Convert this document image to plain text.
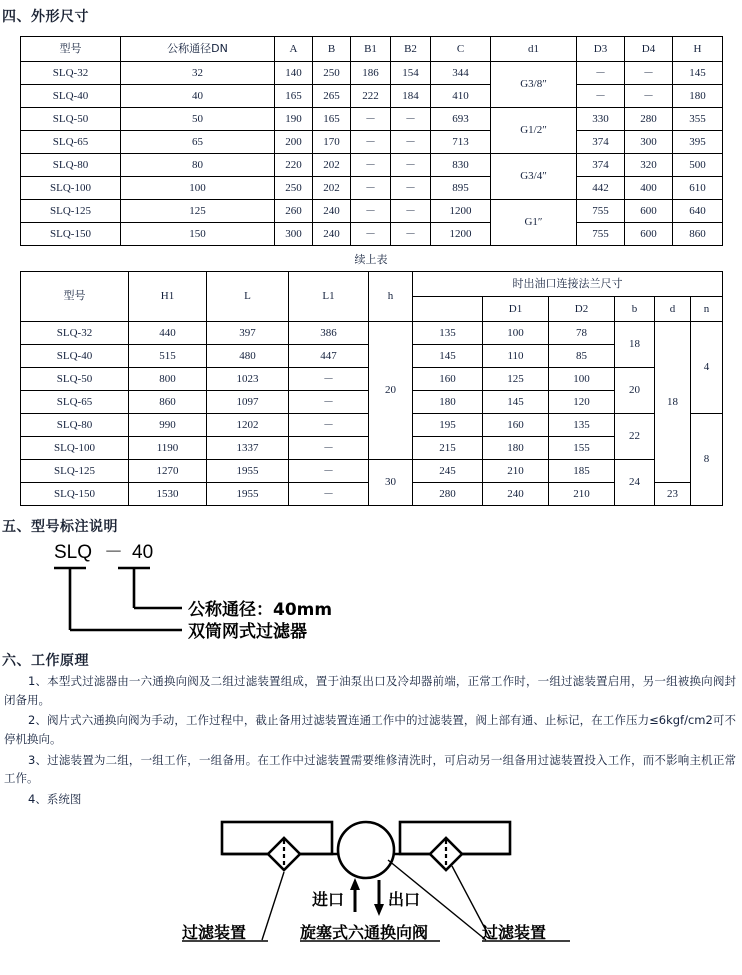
四、外形尺寸
型号	公称通径DN	A	B	B1	B2	C	d1	D3	D4	H
SLQ-32	32	140	250	186	154	344	G3/8″	－	－	145
SLQ-40	40	165	265	222	184	410		－	－	180
SLQ-50	50	190	165	－	－	693	G1/2″	330	280	355
SLQ-65	65	200	170	－	－	713		374	300	395
SLQ-80	80	220	202	－	－	830	G3/4″	374	320	500
SLQ-100	100	250	202	－	－	895		442	400	610
SLQ-125	125	260	240	－	－	1200	G1″	755	600	640
SLQ-150	150	300	240	－	－	1200		755	600	860
续上表
型号	H1	L	L1	h	时出油口连接法兰尺寸					
						D1	D2	b	d	n
SLQ-32	440	397	386	20	135	100	78	18	18	4
SLQ-40	515	480	447		145	110	85			
SLQ-50	800	1023	－		160	125	100	20		
SLQ-65	860	1097	－		180	145	120			
SLQ-80	990	1202	－		195	160	135	22		8
SLQ-100	1190	1337	－		215	180	155			
SLQ-125	1270	1955	－	30	245	210	185	24		
SLQ-150	1530	1955	－		280	240	210		23	
五、型号标注说明
SLQ － 40
公称通径：40mm
双筒网式过滤器
六、工作原理

1、本型式过滤器由一六通换向阀及二组过滤装置组成，置于油泵出口及冷却器前端，正常工作时，一组过滤装置启用，另一组被换向阀封闭备用。

2、阀片式六通换向阀为手动，工作过程中，截止备用过滤装置连通工作中的过滤装置，阀上部有通、止标记，在工作压力≤6kgf/cm2可不停机换向。

3、过滤装置为二组，一组工作，一组备用。在工作中过滤装置需要维修清洗时，可启动另一组备用过滤装置投入工作，而不影响主机正常工作。

4、系统图

进口	出口
过滤装置	旋塞式六通换向阀	过滤装置
